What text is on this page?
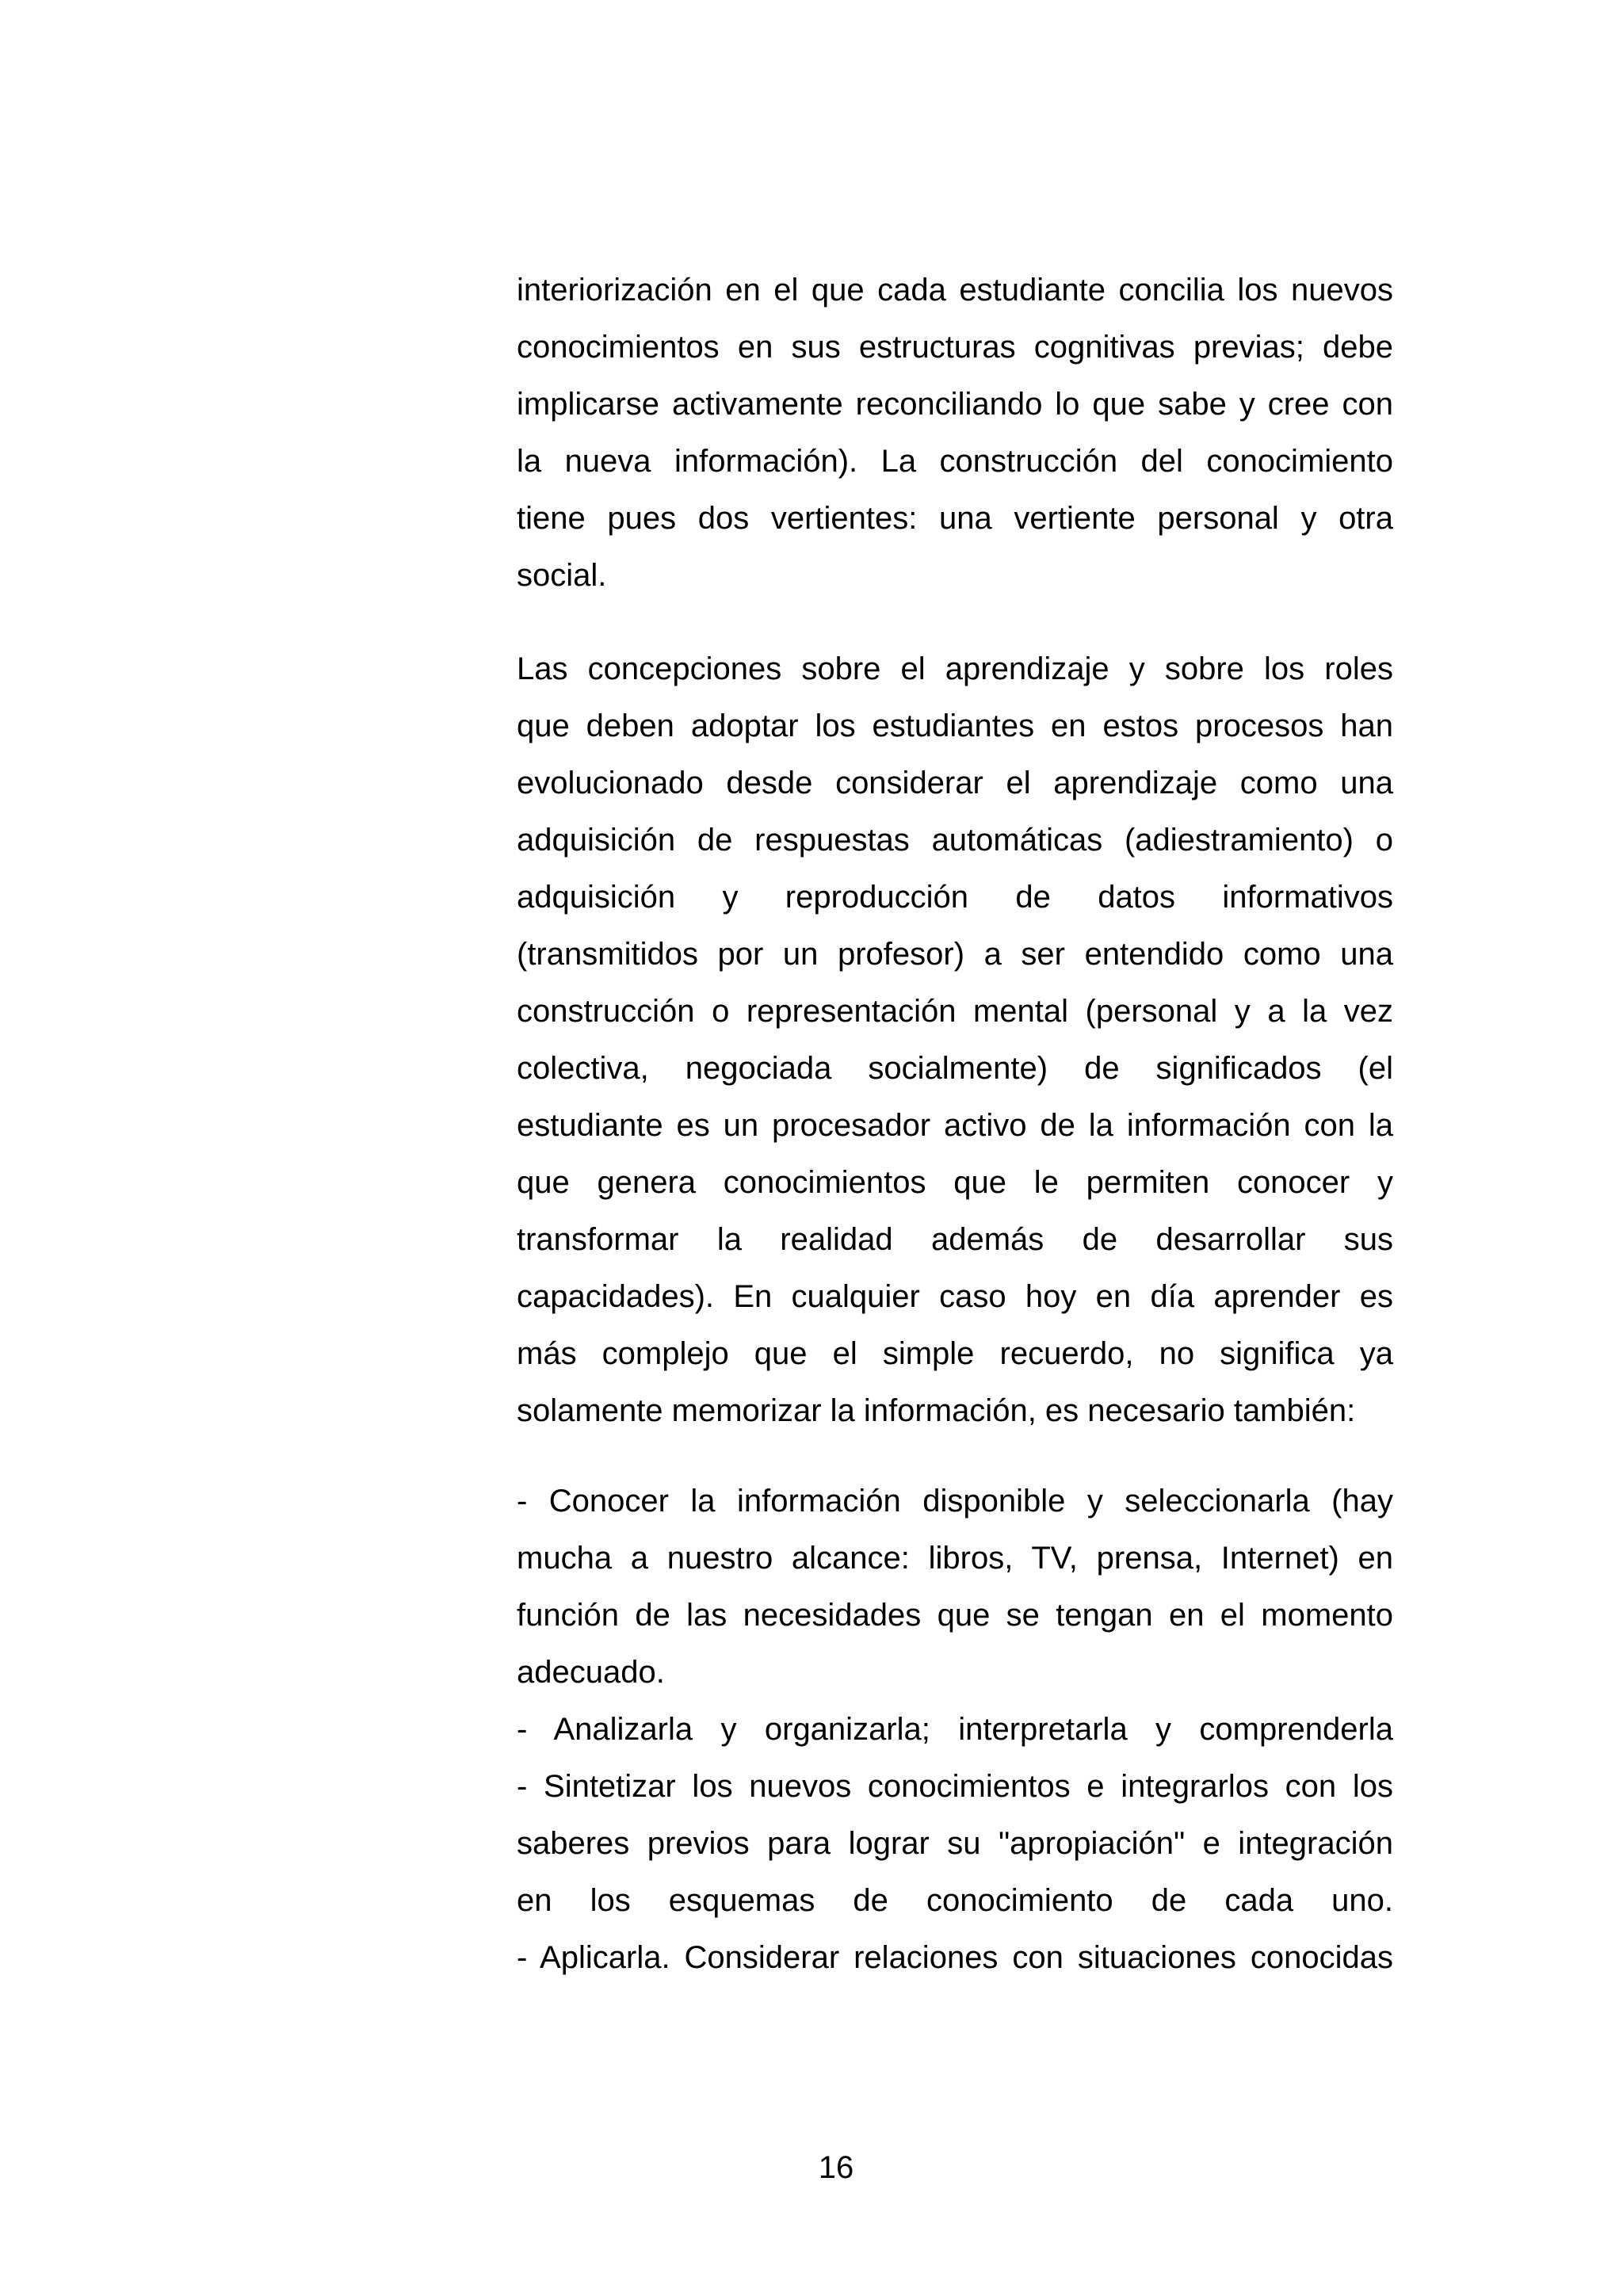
interiorización en el que cada estudiante concilia los nuevos
conocimientos en sus estructuras cognitivas previas; debe
implicarse activamente reconciliando lo que sabe y cree con
la nueva información). La construcción del conocimiento
tiene pues dos vertientes: una vertiente personal y otra
social.

Las concepciones sobre el aprendizaje y sobre los roles
que deben adoptar los estudiantes en estos procesos han
evolucionado desde considerar el aprendizaje como una
adquisición de respuestas automáticas (adiestramiento) o
adquisición y reproducción de datos informativos
(transmitidos por un profesor) a ser entendido como una
construcción o representación mental (personal y a la vez
colectiva, negociada socialmente) de significados (el
estudiante es un procesador activo de la información con la
que genera conocimientos que le permiten conocer y
transformar la realidad además de desarrollar sus
capacidades). En cualquier caso hoy en día aprender es
más complejo que el simple recuerdo, no significa ya
solamente memorizar la información, es necesario también:

- Conocer la información disponible y seleccionarla (hay
mucha a nuestro alcance: libros, TV, prensa, Internet) en
función de las necesidades que se tengan en el momento
adecuado.
- Analizarla y organizarla; interpretarla y comprenderla
- Sintetizar los nuevos conocimientos e integrarlos con los
saberes previos para lograr su "apropiación" e integración
en los esquemas de conocimiento de cada uno.
- Aplicarla. Considerar relaciones con situaciones conocidas

16
